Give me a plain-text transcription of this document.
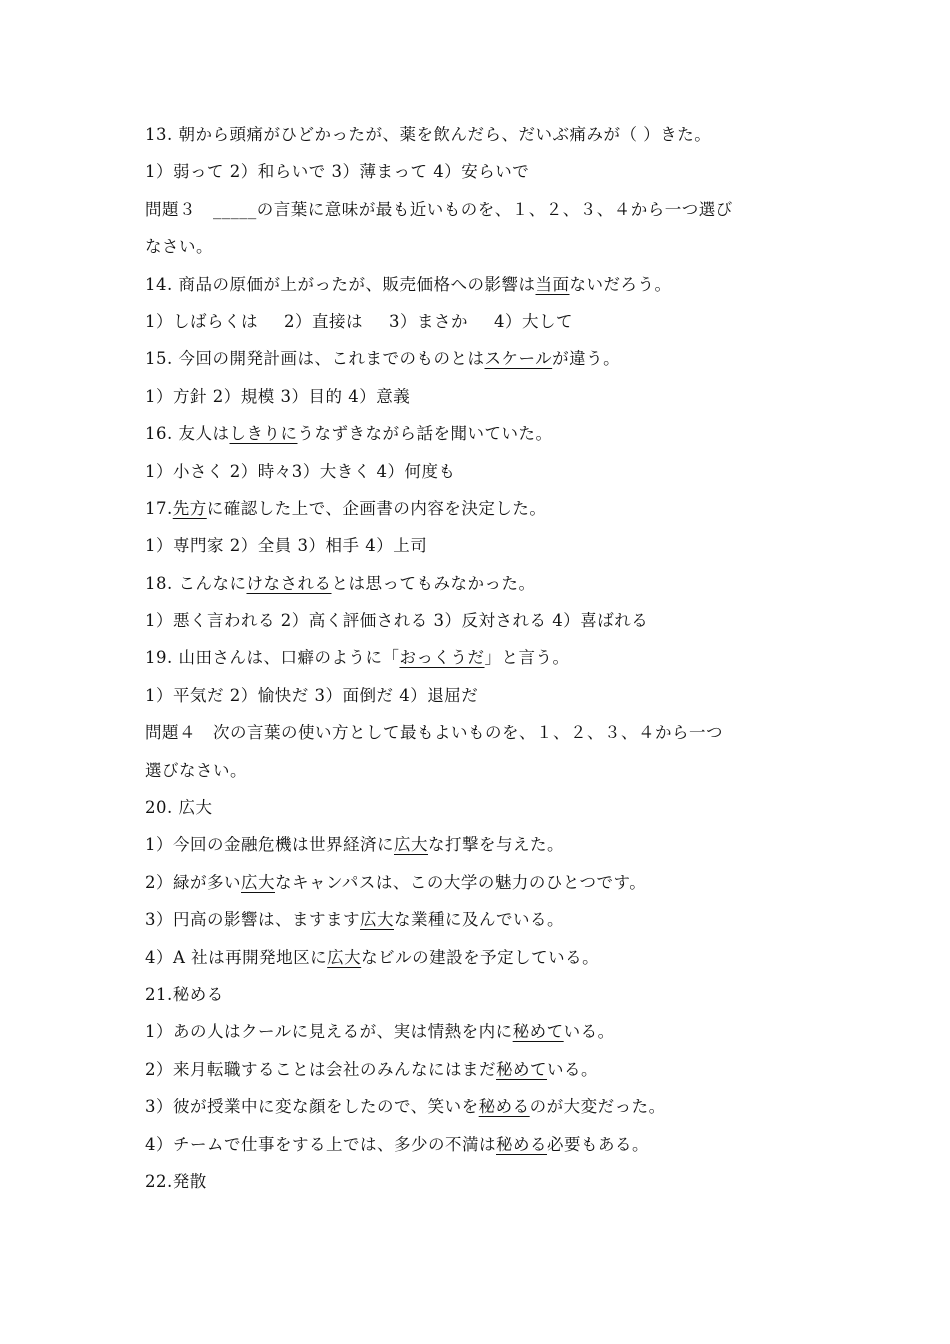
13. 朝から頭痛がひどかったが、薬を飲んだら、だいぶ痛みが（ ）きた。
1）弱って 2）和らいで 3）薄まって 4）安らいで
問題３　_____の言葉に意味が最も近いものを、１、２、３、４から一つ選び
なさい。
14. 商品の原価が上がったが、販売価格への影響は当面ないだろう。
1）しばらくは 2）直接は 3）まさか 4）大して
15. 今回の開発計画は、これまでのものとはスケールが違う。
1）方針 2）規模 3）目的 4）意義
16. 友人はしきりにうなずきながら話を聞いていた。
1）小さく 2）時々3）大きく 4）何度も
17.先方に確認した上で、企画書の内容を決定した。
1）専門家 2）全員 3）相手 4）上司
18. こんなにけなされるとは思ってもみなかった。
1）悪く言われる 2）高く評価される 3）反対される 4）喜ばれる
19. 山田さんは、口癖のように「おっくうだ」と言う。
1）平気だ 2）愉快だ 3）面倒だ 4）退屈だ
問題４　次の言葉の使い方として最もよいものを、１、２、３、４から一つ
選びなさい。
20. 広大
1）今回の金融危機は世界経済に広大な打撃を与えた。
2）緑が多い広大なキャンパスは、この大学の魅力のひとつです。
3）円高の影響は、ますます広大な業種に及んでいる。
4）A 社は再開発地区に広大なビルの建設を予定している。
21.秘める
1）あの人はクールに見えるが、実は情熱を内に秘めている。
2）来月転職することは会社のみんなにはまだ秘めている。
3）彼が授業中に変な顔をしたので、笑いを秘めるのが大変だった。
4）チームで仕事をする上では、多少の不満は秘める必要もある。
22.発散
